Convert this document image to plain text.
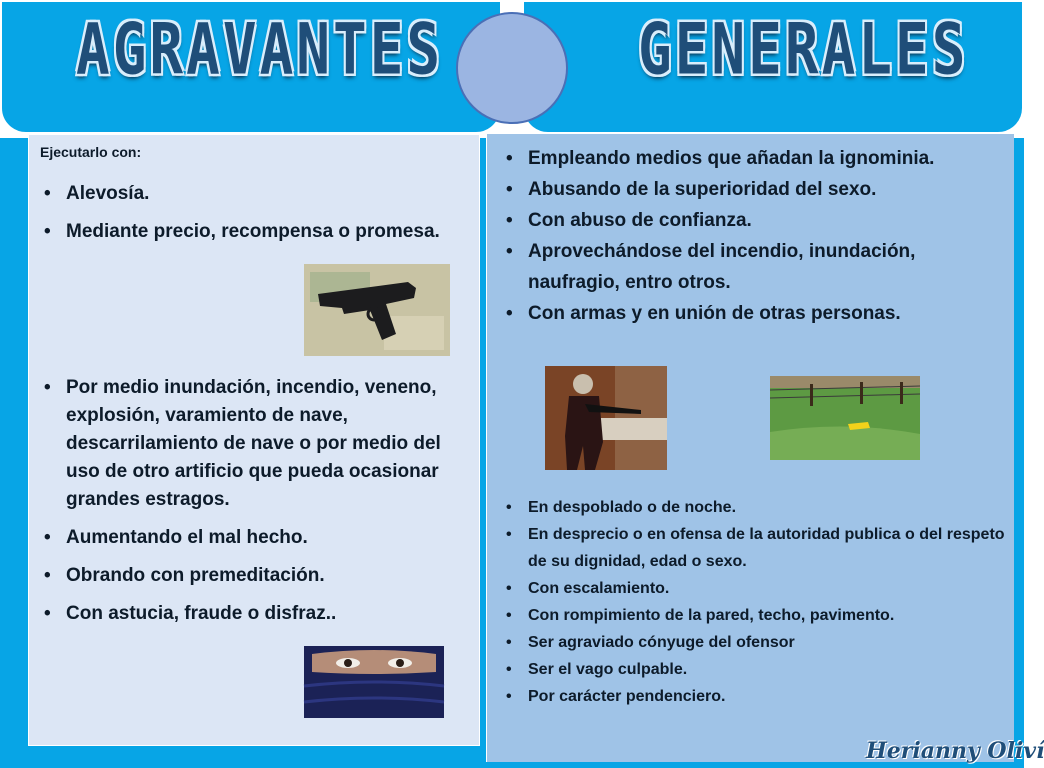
AGRAVANTES	GENERALES

Ejecutarlo con:

• Alevosía.
• Mediante precio, recompensa o promesa.
• Por medio inundación, incendio, veneno, explosión, varamiento de nave, descarrilamiento de nave o por medio del uso de otro artificio que pueda ocasionar grandes estragos.
• Aumentando el mal hecho.
• Obrando con premeditación.
• Con astucia, fraude o disfraz..
• Empleando medios que añadan la ignominia.
• Abusando de la superioridad del sexo.
• Con abuso de confianza.
• Aprovechándose del incendio, inundación, naufragio, entro otros.
• Con armas y en unión de otras personas.
• En despoblado o de noche.
• En desprecio o en ofensa de la autoridad publica o del respeto de su dignidad, edad o sexo.
• Con escalamiento.
• Con rompimiento de la pared, techo, pavimento.
• Ser agraviado cónyuge del ofensor
• Ser el vago culpable.
• Por carácter pendenciero.

Herianny Oliví
